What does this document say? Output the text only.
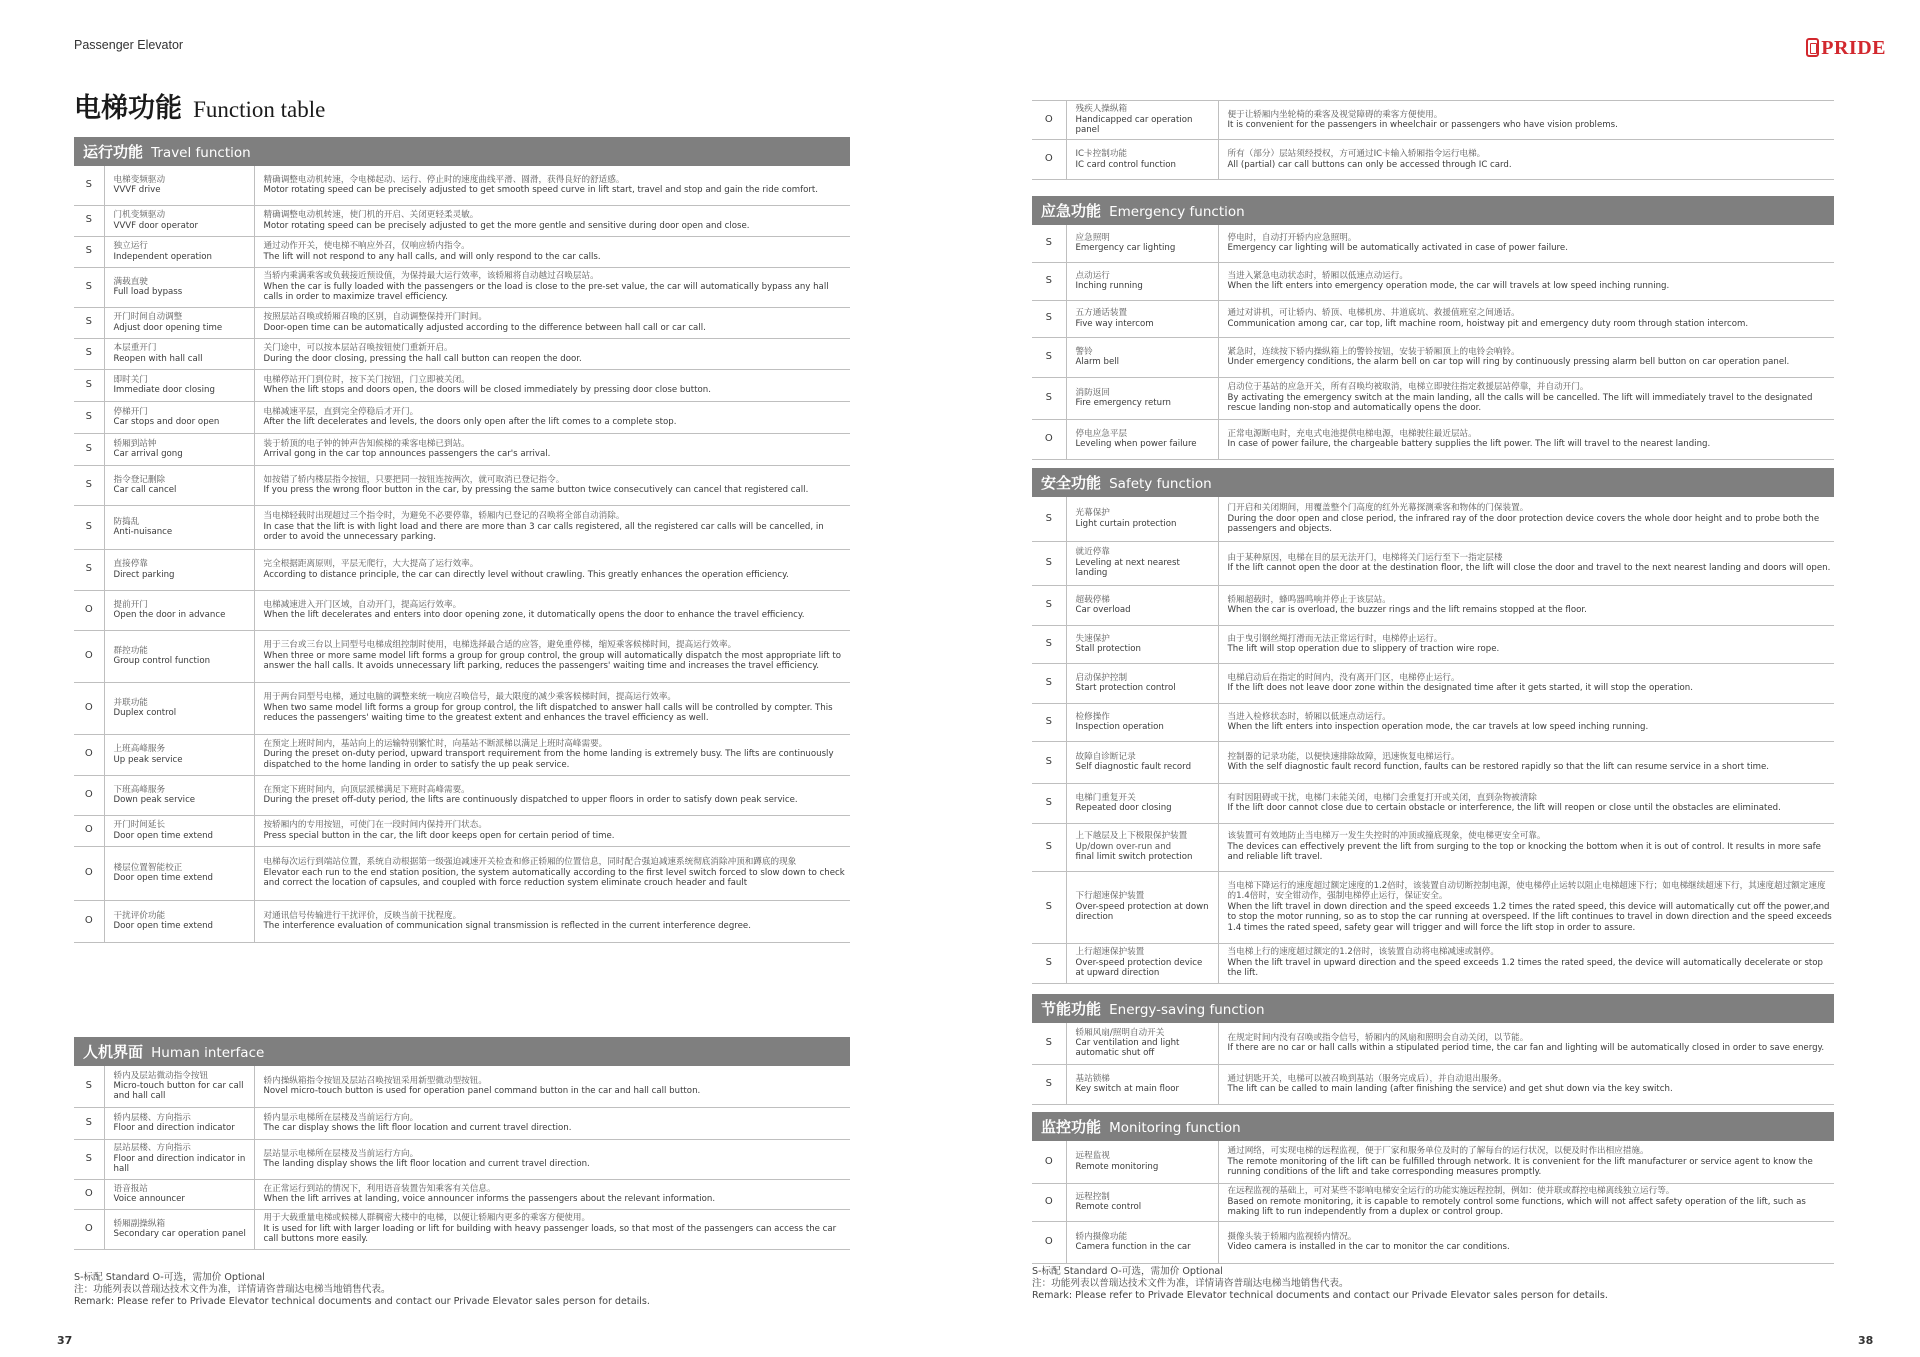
Passenger Elevator
电梯功能 Function table
运行功能 Travel function
S	电梯变频驱动
VVVF drive	精确调整电动机转速，令电梯起动、运行、停止时的速度曲线平滑、圆滑，获得良好的舒适感。
Motor rotating speed can be precisely adjusted to get smooth speed curve in lift start, travel and stop and gain the ride comfort.

S	门机变频驱动
VVVF door operator	精确调整电动机转速，使门机的开启、关闭更轻柔灵敏。
Motor rotating speed can be precisely adjusted to get the more gentle and sensitive during door open and close.

S	独立运行
Independent operation	通过动作开关，使电梯不响应外召，仅响应轿内指令。
The lift will not respond to any hall calls, and will only respond to the car calls.

S	满载直驶
Full load bypass	当轿内乘满乘客或负载接近预设值，为保持最大运行效率，该轿厢将自动越过召唤层站。
When the car is fully loaded with the passengers or the load is close to the pre-set value, the car will automatically bypass any hall calls in order to maximize travel efficiency.

S	开门时间自动调整
Adjust door opening time	按照层站召唤或轿厢召唤的区别，自动调整保持开门时间。
Door-open time can be automatically adjusted according to the difference between hall call or car call.

S	本层重开门
Reopen with hall call	关门途中，可以按本层站召唤按钮使门重新开启。
During the door closing, pressing the hall call button can reopen the door.

S	即时关门
Immediate door closing	电梯停站开门到位时，按下关门按钮，门立即被关闭。
When the lift stops and doors open, the doors will be closed immediately by pressing door close button.

S	停梯开门
Car stops and door open	电梯减速平层，直到完全停稳后才开门。
After the lift decelerates and levels, the doors only open after the lift comes to a complete stop.

S	轿厢到站钟
Car arrival gong	装于轿顶的电子钟的钟声告知候梯的乘客电梯已到站。
Arrival gong in the car top announces passengers the car's arrival.

S	指令登记删除
Car call cancel	如按错了轿内楼层指令按钮，只要把同一按钮连按两次，就可取消已登记指令。
If you press the wrong floor button in the car, by pressing the same button twice consecutively can cancel that registered call.

S	防捣乱
Anti-nuisance	当电梯轻载时出现超过三个指令时，为避免不必要停靠，轿厢内已登记的召唤将全部自动消除。
In case that the lift is with light load and there are more than 3 car calls registered, all the registered car calls will be cancelled, in order to avoid the unnecessary parking.

S	直接停靠
Direct parking	完全根据距离原则，平层无爬行，大大提高了运行效率。
According to distance principle, the car can directly level without crawling. This greatly enhances the operation efficiency.

O	提前开门
Open the door in advance	电梯减速进入开门区域，自动开门，提高运行效率。
When the lift decelerates and enters into door opening zone, it dutomatically opens the door to enhance the travel efficiency.

O	群控功能
Group control function	用于三台或三台以上同型号电梯成组控制时使用，电梯选择最合适的应答，避免重停梯，缩短乘客候梯时间，提高运行效率。
When three or more same model lift forms a group for group control, the group will automatically dispatch the most appropriate lift to answer the hall calls. It avoids unnecessary lift parking, reduces the passengers' waiting time and increases the travel efficiency.

O	并联功能
Duplex control	用于两台同型号电梯，通过电脑的调整来统一响应召唤信号，最大限度的减少乘客候梯时间，提高运行效率。
When two same model lift forms a group for group control, the lift dispatched to answer hall calls will be controlled by compter. This reduces the passengers' waiting time to the greatest extent and enhances the travel efficiency as well.

O	上班高峰服务
Up peak service	在预定上班时间内，基站向上的运输特别繁忙时，向基站不断派梯以满足上班时高峰需要。
During the preset on-duty period, upward transport requirement from the home landing is extremely busy. The lifts are continuously dispatched to the home landing in order to satisfy the up peak service.

O	下班高峰服务
Down peak service	在预定下班时间内，向顶层派梯满足下班时高峰需要。
During the preset off-duty period, the lifts are continuously dispatched to upper floors in order to satisfy down peak service.

O	开门时间延长
Door open time extend	按轿厢内的专用按钮，可使门在一段时间内保持开门状态。
Press special button in the car, the lift door keeps open for certain period of time.

O	楼层位置智能校正
Door open time extend	电梯每次运行到端站位置，系统自动根据第一级强迫减速开关检查和修正轿厢的位置信息，同时配合强迫减速系统彻底消除冲顶和蹲底的现象
Elevator each run to the end station position, the system automatically according to the first level switch forced to slow down to check and correct the location of capsules, and coupled with force reduction system eliminate crouch header and fault

O	干扰评价功能
Door open time extend	对通讯信号传输进行干扰评价，反映当前干扰程度。
The interference evaluation of communication signal transmission is reflected in the current interference degree.
人机界面 Human interface
S	轿内及层站微动指令按钮
Micro-touch button for car call and hall call	轿内操纵箱指令按钮及层站召唤按钮采用新型微动型按钮。
Novel micro-touch button is used for operation panel command button in the car and hall call button.

S	轿内层楼、方向指示
Floor and direction indicator	轿内显示电梯所在层楼及当前运行方向。
The car display shows the lift floor location and current travel direction.

S	层站层楼、方向指示
Floor and direction indicator in hall	层站显示电梯所在层楼及当前运行方向。
The landing display shows the lift floor location and current travel direction.

O	语音报站
Voice announcer	在正常运行到站的情况下，利用语音装置告知乘客有关信息。
When the lift arrives at landing, voice announcer informs the passengers about the relevant information.

O	轿厢副操纵箱
Secondary car operation panel	用于大载重量电梯或候梯人群稠密大楼中的电梯，以便让轿厢内更多的乘客方便使用。
It is used for lift with larger loading or lift for building with heavy passenger loads, so that most of the passengers can access the car call buttons more easily.
S-标配 Standard O-可选，需加价 Optional
注：功能列表以普瑞达技术文件为准，详情请咨普瑞达电梯当地销售代表。
Remark: Please refer to Privade Elevator technical documents and contact our Privade Elevator sales person for details.
37
PRIDE
O	残疾人操纵箱
Handicapped car operation panel	便于让轿厢内坐轮椅的乘客及视觉障碍的乘客方便使用。
It is convenient for the passengers in wheelchair or passengers who have vision problems.

O	IC卡控制功能
IC card control function	所有（部分）层站须经授权，方可通过IC卡输入轿厢指令运行电梯。
All (partial) car call buttons can only be accessed through IC card.
应急功能 Emergency function
S	应急照明
Emergency car lighting	停电时，自动打开轿内应急照明。
Emergency car lighting will be automatically activated in case of power failure.

S	点动运行
Inching running	当进入紧急电动状态时，轿厢以低速点动运行。
When the lift enters into emergency operation mode, the car will travels at low speed inching running.

S	五方通话装置
Five way intercom	通过对讲机，可让轿内、轿顶、电梯机房、井道底坑、救援值班室之间通话。
Communication among car, car top, lift machine room, hoistway pit and emergency duty room through station intercom.

S	警铃
Alarm bell	紧急时，连续按下轿内操纵箱上的警铃按钮，安装于轿厢顶上的电铃会响铃。
Under emergency conditions, the alarm bell on car top will ring by continuously pressing alarm bell button on car operation panel.

S	消防返回
Fire emergency return	启动位于基站的应急开关，所有召唤均被取消，电梯立即驶往指定救援层站停靠，并自动开门。
By activating the emergency switch at the main landing, all the calls will be cancelled. The lift will immediately travel to the designated rescue landing non-stop and automatically opens the door.

O	停电应急平层
Leveling when power failure	正常电源断电时，充电式电池提供电梯电源，电梯驶往最近层站。
In case of power failure, the chargeable battery supplies the lift power. The lift will travel to the nearest landing.
安全功能 Safety function
S	光幕保护
Light curtain protection	门开启和关闭期间，用覆盖整个门高度的红外光幕探测乘客和物体的门保装置。
During the door open and close period, the infrared ray of the door protection device covers the whole door height and to probe both the passengers and objects.

S	就近停靠
Leveling at next nearest landing	由于某种原因，电梯在目的层无法开门，电梯将关门运行至下一指定层楼
If the lift cannot open the door at the destination floor, the lift will close the door and travel to the next nearest landing and doors will open.

S	超载停梯
Car overload	轿厢超载时，蜂鸣器鸣响并停止于该层站。
When the car is overload, the buzzer rings and the lift remains stopped at the floor.

S	失速保护
Stall protection	由于曳引钢丝绳打滑而无法正常运行时，电梯停止运行。
The lift will stop operation due to slippery of traction wire rope.

S	启动保护控制
Start protection control	电梯启动后在指定的时间内，没有离开门区，电梯停止运行。
If the lift does not leave door zone within the designated time after it gets started, it will stop the operation.

S	检修操作
Inspection operation	当进入检修状态时，轿厢以低速点动运行。
When the lift enters into inspection operation mode, the car travels at low speed inching running.

S	故障自诊断记录
Self diagnostic fault record	控制器的记录功能，以便快速排除故障，迅速恢复电梯运行。
With the self diagnostic fault record function, faults can be restored rapidly so that the lift can resume service in a short time.

S	电梯门重复开关
Repeated door closing	有时因阻碍或干扰，电梯门未能关闭，电梯门会重复打开或关闭，直到杂物被清除
If the lift door cannot close due to certain obstacle or interference, the lift will reopen or close until the obstacles are eliminated.

S	上下越层及上下极限保护装置Up/down over-run and
final limit switch protection	该装置可有效地防止当电梯万一发生失控时的冲顶或撞底现象，使电梯更安全可靠。
The devices can effectively prevent the lift from surging to the top or knocking the bottom when it is out of control. It results in more safe and reliable lift travel.

S	下行超速保护装置
Over-speed protection at down direction	当电梯下降运行的速度超过额定速度的1.2倍时，该装置自动切断控制电源，使电梯停止运转以阻止电梯超速下行；如电梯继续超速下行，其速度超过额定速度的1.4倍时，安全钳动作，强制电梯停止运行，保证安全。
When the lift travel in down direction and the speed exceeds 1.2 times the rated speed, this device will automatically cut off the power,and to stop the motor running, so as to stop the car running at overspeed. If the lift continues to travel in down direction and the speed exceeds 1.4 times the rated speed, safety gear will trigger and will force the lift stop in order to assure.

S	上行超速保护装置
Over-speed protection device at upward direction	当电梯上行的速度超过额定的1.2倍时，该装置自动将电梯减速或制停。
When the lift travel in upward direction and the speed exceeds 1.2 times the rated speed, the device will automatically decelerate or stop the lift.
节能功能 Energy-saving function
S	轿厢风扇/照明自动开关
Car ventilation and light automatic shut off	在规定时间内没有召唤或指令信号，轿厢内的风扇和照明会自动关闭，以节能。
If there are no car or hall calls within a stipulated period time, the car fan and lighting will be automatically closed in order to save energy.

S	基站锁梯
Key switch at main floor	通过钥匙开关，电梯可以被召唤到基站（服务完成后），并自动退出服务。
The lift can be called to main landing (after finishing the service) and get shut down via the key switch.
监控功能 Monitoring function
O	远程监视
Remote monitoring	通过网络，可实现电梯的远程监视，便于厂家和服务单位及时的了解每台的运行状况，以便及时作出相应措施。
The remote monitoring of the lift can be fulfilled through network. It is convenient for the lift manufacturer or service agent to know the running conditions of the lift and take corresponding measures promptly.

O	远程控制
Remote control	在远程监视的基础上，可对某些不影响电梯安全运行的功能实施远程控制，例如：使并联或群控电梯离线独立运行等。
Based on remote monitoring, it is capable to remotely control some functions, which will not affect safety operation of the lift, such as making lift to run independently from a duplex or control group.

O	轿内摄像功能
Camera function in the car	摄像头装于轿厢内监视轿内情况。
Video camera is installed in the car to monitor the car conditions.
S-标配 Standard O-可选，需加价 Optional
注：功能列表以普瑞达技术文件为准，详情请咨普瑞达电梯当地销售代表。
Remark: Please refer to Privade Elevator technical documents and contact our Privade Elevator sales person for details.
38
